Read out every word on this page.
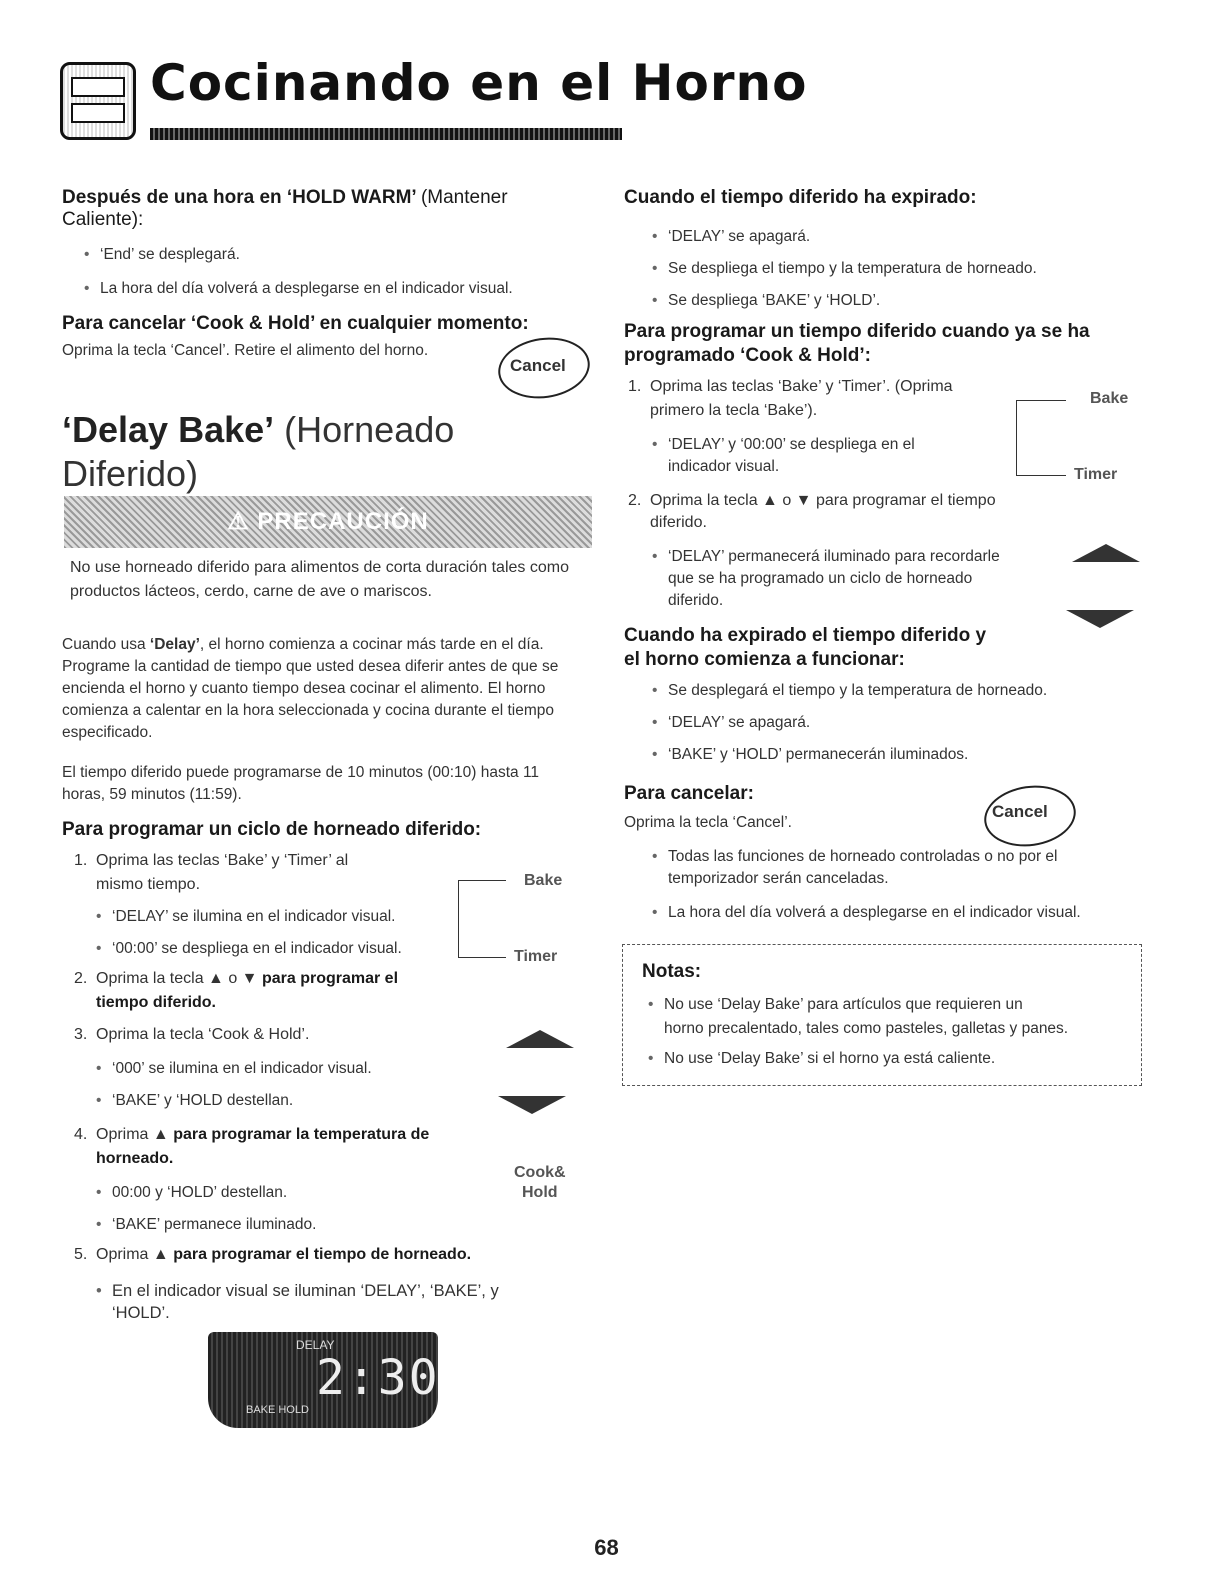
Cocinando en el Horno
Después de una hora en ‘HOLD WARM’ (Mantener
Caliente):
• ‘End’ se desplegará.
• La hora del día volverá a desplegarse en el indicador visual.
Para cancelar ‘Cook & Hold’ en cualquier momento:
Oprima la tecla ‘Cancel’. Retire el alimento del horno.
Cancel
‘Delay Bake’ (Horneado
Diferido)
⚠ PRECAUCIÓN
No use horneado diferido para alimentos de corta duración tales como productos lácteos, cerdo, carne de ave o mariscos.
Cuando usa ‘Delay’, el horno comienza a cocinar más tarde en el día. Programe la cantidad de tiempo que usted desea diferir antes de que se encienda el horno y cuanto tiempo desea cocinar el alimento. El horno comienza a calentar en la hora seleccionada y cocina durante el tiempo especificado.
El tiempo diferido puede programarse de 10 minutos (00:10) hasta 11 horas, 59 minutos (11:59).
Para programar un ciclo de horneado diferido:
1. Oprima las teclas ‘Bake’ y ‘Timer’ al
mismo tiempo.
• ‘DELAY’ se ilumina en el indicador visual.
• ‘00:00’ se despliega en el indicador visual.
Bake
Timer
2. Oprima la tecla ▲ o ▼ para programar el
tiempo diferido.
3. Oprima la tecla ‘Cook & Hold’.
• ‘000’ se ilumina en el indicador visual.
• ‘BAKE’ y ‘HOLD destellan.
4. Oprima ▲ para programar la temperatura de
horneado.
Cook&
Hold
• 00:00 y ‘HOLD’ destellan.
• ‘BAKE’ permanece iluminado.
5. Oprima ▲ para programar el tiempo de horneado.
• En el indicador visual se iluminan ‘DELAY’, ‘BAKE’, y
‘HOLD’.
DELAY
2:30
BAKE HOLD
Cuando el tiempo diferido ha expirado:
• ‘DELAY’ se apagará.
• Se despliega el tiempo y la temperatura de horneado.
• Se despliega ‘BAKE’ y ‘HOLD’.
Para programar un tiempo diferido cuando ya se ha
programado ‘Cook & Hold’:
1. Oprima las teclas ‘Bake’ y ‘Timer’. (Oprima
primero la tecla ‘Bake’).
• ‘DELAY’ y ‘00:00’ se despliega en el
indicador visual.
Bake
Timer
Oprima la tecla ▲ o ▼ para programar el tiempo
2.
diferido.
• ‘DELAY’ permanecerá iluminado para recordarle
que se ha programado un ciclo de horneado
diferido.
Cuando ha expirado el tiempo diferido y
el horno comienza a funcionar:
• Se desplegará el tiempo y la temperatura de horneado.
• ‘DELAY’ se apagará.
• ‘BAKE’ y ‘HOLD’ permanecerán iluminados.
Para cancelar:
Oprima la tecla ‘Cancel’.
Cancel
• Todas las funciones de horneado controladas o no por el
temporizador serán canceladas.
• La hora del día volverá a desplegarse en el indicador visual.
Notas:
• No use ‘Delay Bake’ para artículos que requieren un
horno precalentado, tales como pasteles, galletas y panes.
• No use ‘Delay Bake’ si el horno ya está caliente.
68
